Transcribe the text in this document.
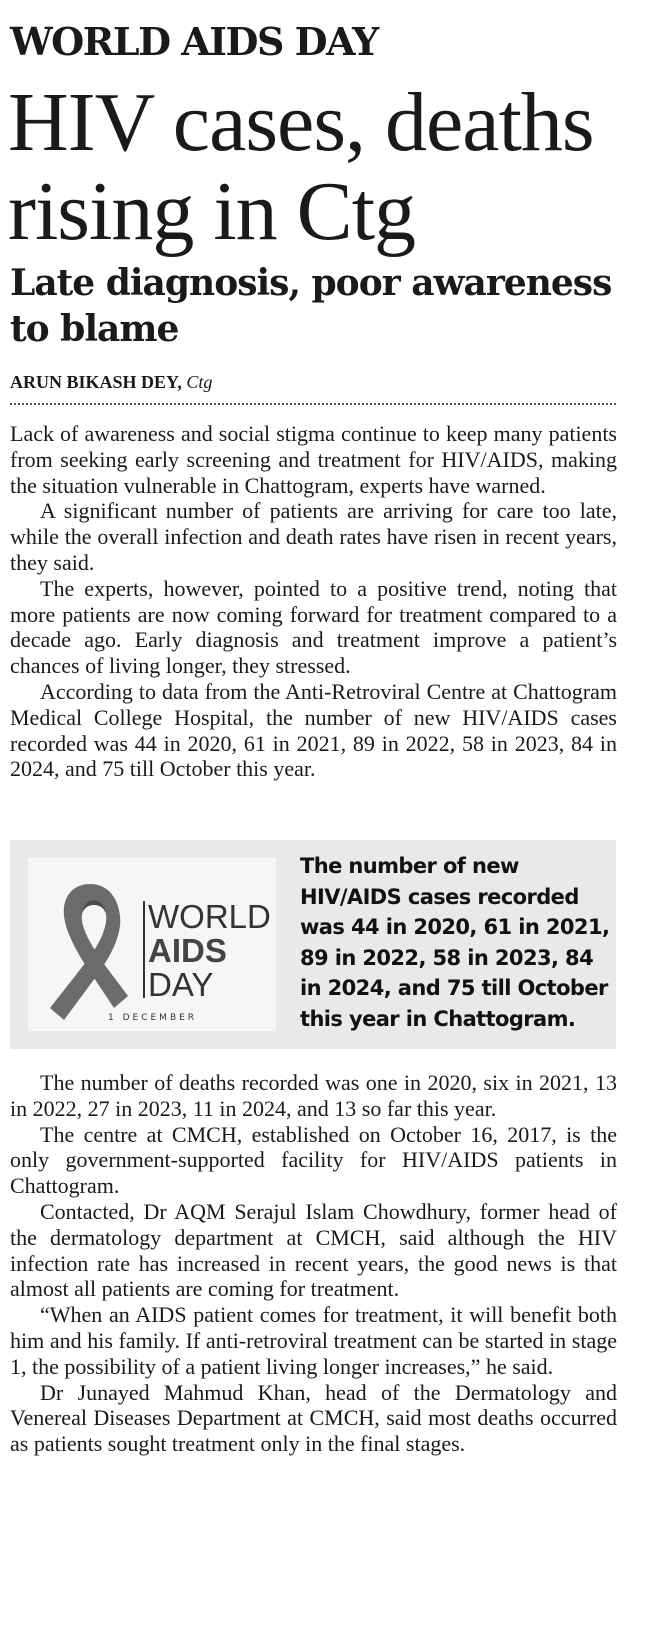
WORLD AIDS DAY
HIV cases, deaths rising in Ctg
Late diagnosis, poor awareness to blame
ARUN BIKASH DEY, Ctg

Lack of awareness and social stigma continue to keep many patients from seeking early screening and treatment for HIV/AIDS, making the situation vulnerable in Chattogram, experts have warned.

A significant number of patients are arriving for care too late, while the overall infection and death rates have risen in recent years, they said.

The experts, however, pointed to a positive trend, noting that more patients are now coming forward for treatment compared to a decade ago. Early diagnosis and treatment improve a patient’s chances of living longer, they stressed.

According to data from the Anti-Retroviral Centre at Chattogram Medical College Hospital, the number of new HIV/AIDS cases recorded was 44 in 2020, 61 in 2021, 89 in 2022, 58 in 2023, 84 in 2024, and 75 till October this year.

WORLD
AIDS
DAY
1 DECEMBER
The number of new HIV/AIDS cases recorded was 44 in 2020, 61 in 2021, 89 in 2022, 58 in 2023, 84 in 2024, and 75 till October this year in Chattogram.

The number of deaths recorded was one in 2020, six in 2021, 13 in 2022, 27 in 2023, 11 in 2024, and 13 so far this year.

The centre at CMCH, established on October 16, 2017, is the only government-supported facility for HIV/AIDS patients in Chattogram.

Contacted, Dr AQM Serajul Islam Chowdhury, former head of the dermatology department at CMCH, said although the HIV infection rate has increased in recent years, the good news is that almost all patients are coming for treatment.

“When an AIDS patient comes for treatment, it will benefit both him and his family. If anti-retroviral treatment can be started in stage 1, the possibility of a patient living longer increases,” he said.

Dr Junayed Mahmud Khan, head of the Dermatology and Venereal Diseases Department at CMCH, said most deaths occurred as patients sought treatment only in the final stages.
